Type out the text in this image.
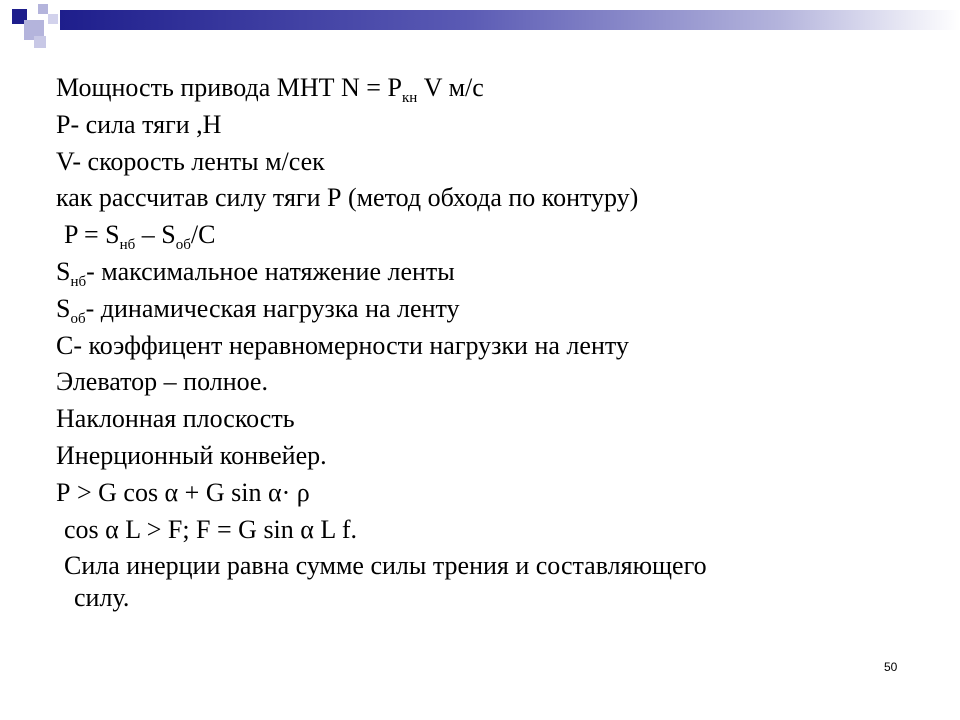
Мощность привода МНТ $N = P_{кн}$ V м/с
Р- сила тяги ,Н
V- скорость ленты м/сек
как рассчитав силу тяги Р (метод обхода по контуру)
$P = S_{нб} - S_{об}/C$
$S_{нб}-$ максимальное натяжение ленты
$S_{об}-$ динамическая нагрузка на ленту
С- коэффицент неравномерности нагрузки на ленту
Элеватор – полное.
Наклонная плоскость
Инерционный конвейер.
Р > G cos α + G sin α· ρ
cos α L > F; F = G sin α L f.
Сила инерции равна сумме силы трения и составляющего
силу.
50
